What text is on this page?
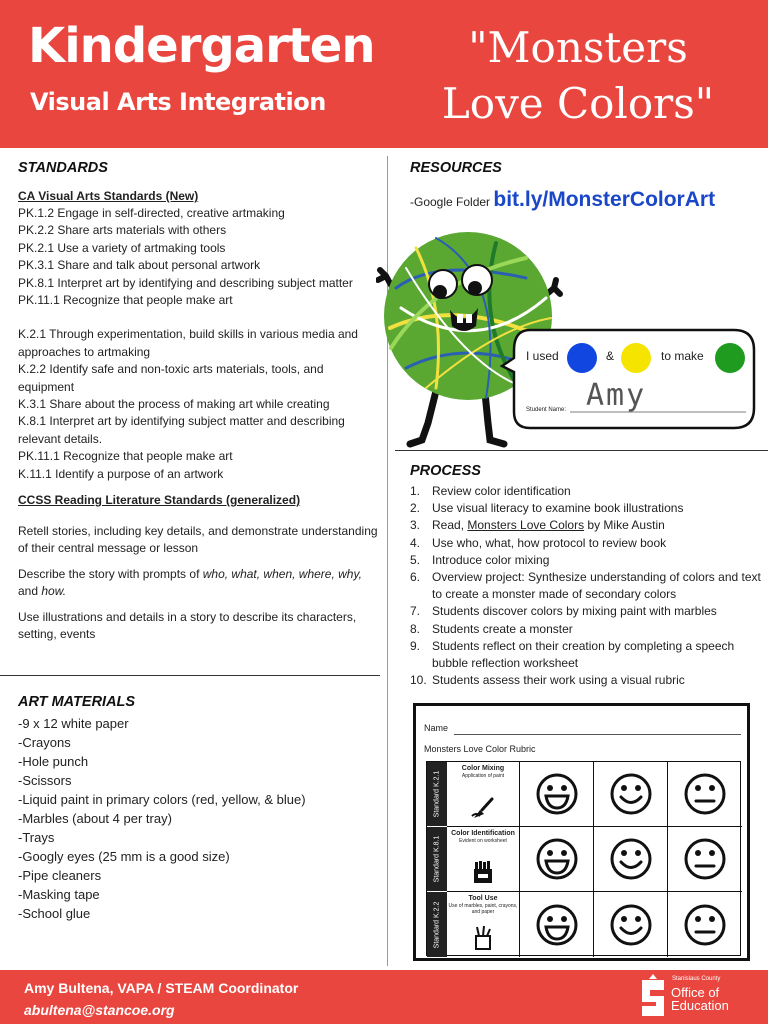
Kindergarten
Visual Arts Integration
"Monsters
Love Colors"
STANDARDS
CA Visual Arts Standards (New)
PK.1.2 Engage in self-directed, creative artmaking
PK.2.2 Share arts materials with others
PK.2.1 Use a variety of artmaking tools
PK.3.1 Share and talk about personal artwork
PK.8.1 Interpret art by identifying and describing subject matter
PK.11.1 Recognize that people make art
K.2.1 Through experimentation, build skills in various media and approaches to artmaking
K.2.2 Identify safe and non-toxic arts materials, tools, and equipment
K.3.1 Share about the process of making art while creating
K.8.1 Interpret art by identifying subject matter and describing relevant details.
PK.11.1 Recognize that people make art
K.11.1 Identify a purpose of an artwork
CCSS Reading Literature Standards (generalized)

Retell stories, including key details, and demonstrate understanding of their central message or lesson

Describe the story with prompts of who, what, when, where, why, and how.

Use illustrations and details in a story to describe its characters, setting, events

ART MATERIALS
-9 x 12 white paper
-Crayons
-Hole punch
-Scissors
-Liquid paint in primary colors (red, yellow, & blue)
-Marbles (about 4 per tray)
-Trays
-Googly eyes (25 mm is a good size)
-Pipe cleaners
-Masking tape
-School glue
RESOURCES
-Google Folder bit.ly/MonsterColorArt
I used	&	to make
Student Name: Amy
PROCESS
1. Review color identification
2. Use visual literacy to examine book illustrations
3. Read, Monsters Love Colors by Mike Austin
4. Use who, what, how protocol to review book
5. Introduce color mixing
6. Overview project: Synthesize understanding of colors and text to create a monster made of secondary colors
7. Students discover colors by mixing paint with marbles
8. Students create a monster
9. Students reflect on their creation by completing a speech bubble reflection worksheet
10. Students assess their work using a visual rubric
Name
Monsters Love Color Rubric
Standard K.2.1
Color Mixing
Application of paint
Standard K.8.1
Color Identification
Evident on worksheet
Standard K.2.2
Tool Use
Use of marbles, paint, crayons, and paper
Amy Bultena, VAPA / STEAM Coordinator
abultena@stancoe.org
Stanislaus County
Office of
Education
